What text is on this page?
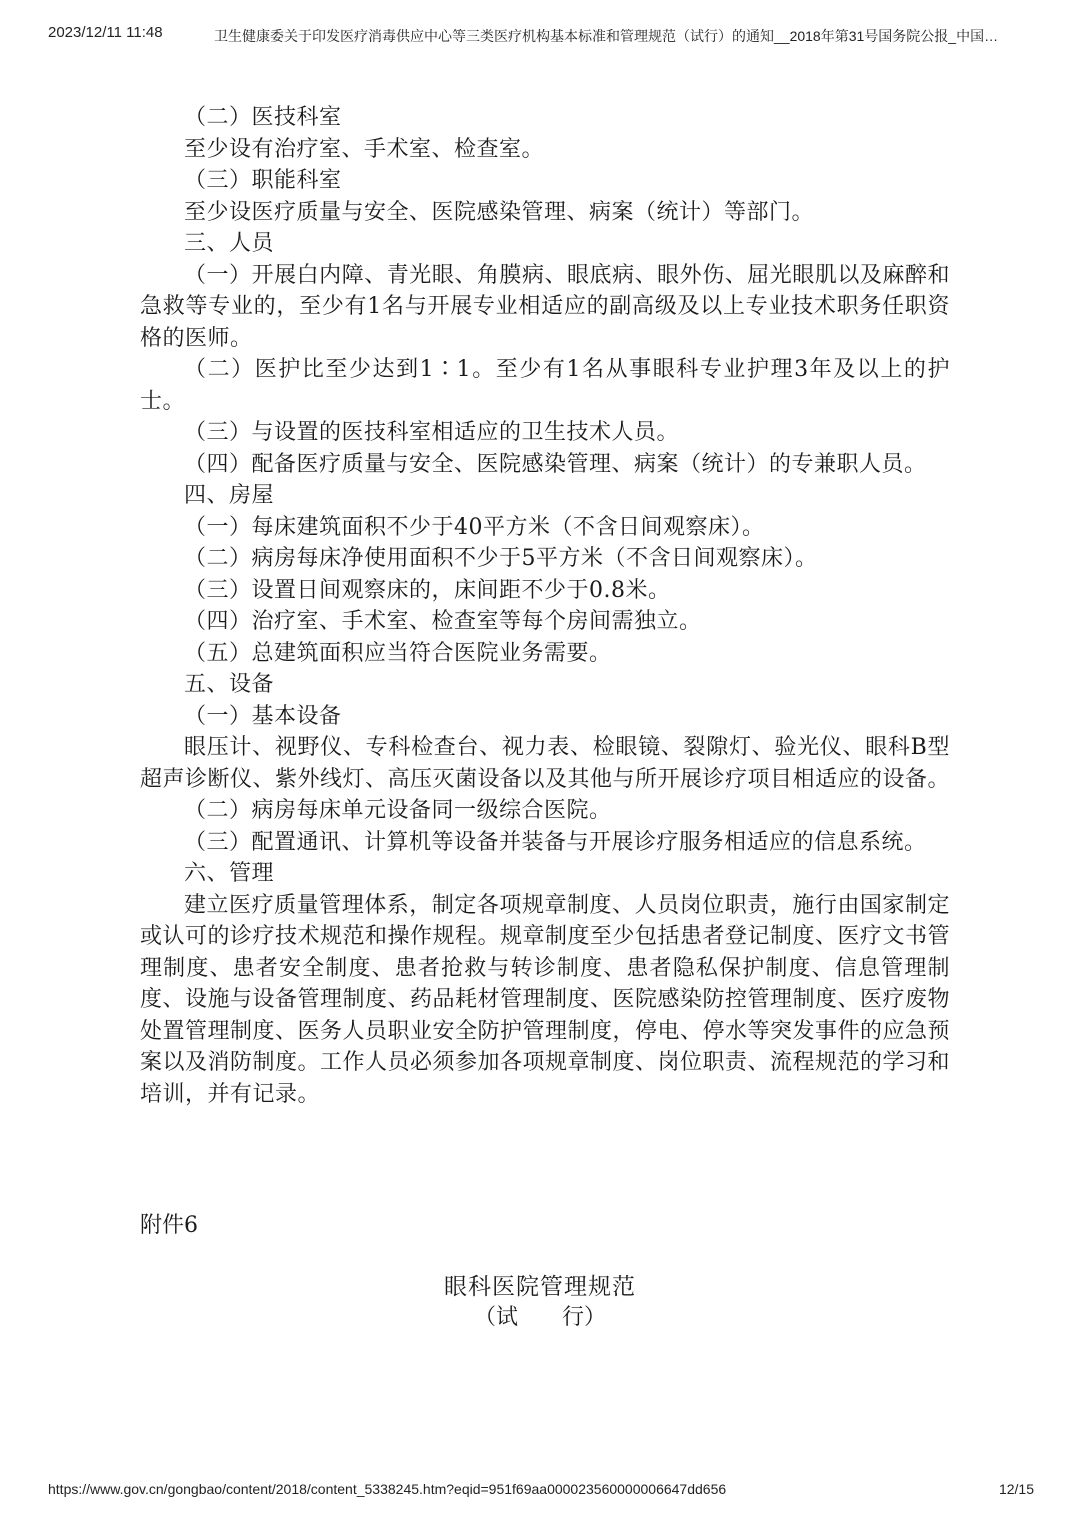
2023/12/11 11:48	卫生健康委关于印发医疗消毒供应中心等三类医疗机构基本标准和管理规范（试行）的通知__2018年第31号国务院公报_中国…

（二）医技科室

至少设有治疗室、手术室、检查室。

（三）职能科室

至少设医疗质量与安全、医院感染管理、病案（统计）等部门。

三、人员

（一）开展白内障、青光眼、角膜病、眼底病、眼外伤、屈光眼肌以及麻醉和急救等专业的，至少有1名与开展专业相适应的副高级及以上专业技术职务任职资格的医师。

（二）医护比至少达到1∶1。至少有1名从事眼科专业护理3年及以上的护士。

（三）与设置的医技科室相适应的卫生技术人员。

（四）配备医疗质量与安全、医院感染管理、病案（统计）的专兼职人员。

四、房屋

（一）每床建筑面积不少于40平方米（不含日间观察床）。

（二）病房每床净使用面积不少于5平方米（不含日间观察床）。

（三）设置日间观察床的，床间距不少于0.8米。

（四）治疗室、手术室、检查室等每个房间需独立。

（五）总建筑面积应当符合医院业务需要。

五、设备

（一）基本设备

眼压计、视野仪、专科检查台、视力表、检眼镜、裂隙灯、验光仪、眼科B型超声诊断仪、紫外线灯、高压灭菌设备以及其他与所开展诊疗项目相适应的设备。

（二）病房每床单元设备同一级综合医院。

（三）配置通讯、计算机等设备并装备与开展诊疗服务相适应的信息系统。

六、管理

建立医疗质量管理体系，制定各项规章制度、人员岗位职责，施行由国家制定或认可的诊疗技术规范和操作规程。规章制度至少包括患者登记制度、医疗文书管理制度、患者安全制度、患者抢救与转诊制度、患者隐私保护制度、信息管理制度、设施与设备管理制度、药品耗材管理制度、医院感染防控管理制度、医疗废物处置管理制度、医务人员职业安全防护管理制度，停电、停水等突发事件的应急预案以及消防制度。工作人员必须参加各项规章制度、岗位职责、流程规范的学习和培训，并有记录。

附件6
眼科医院管理规范
（试    行）
https://www.gov.cn/gongbao/content/2018/content_5338245.htm?eqid=951f69aa000023560000006647dd656	12/15
